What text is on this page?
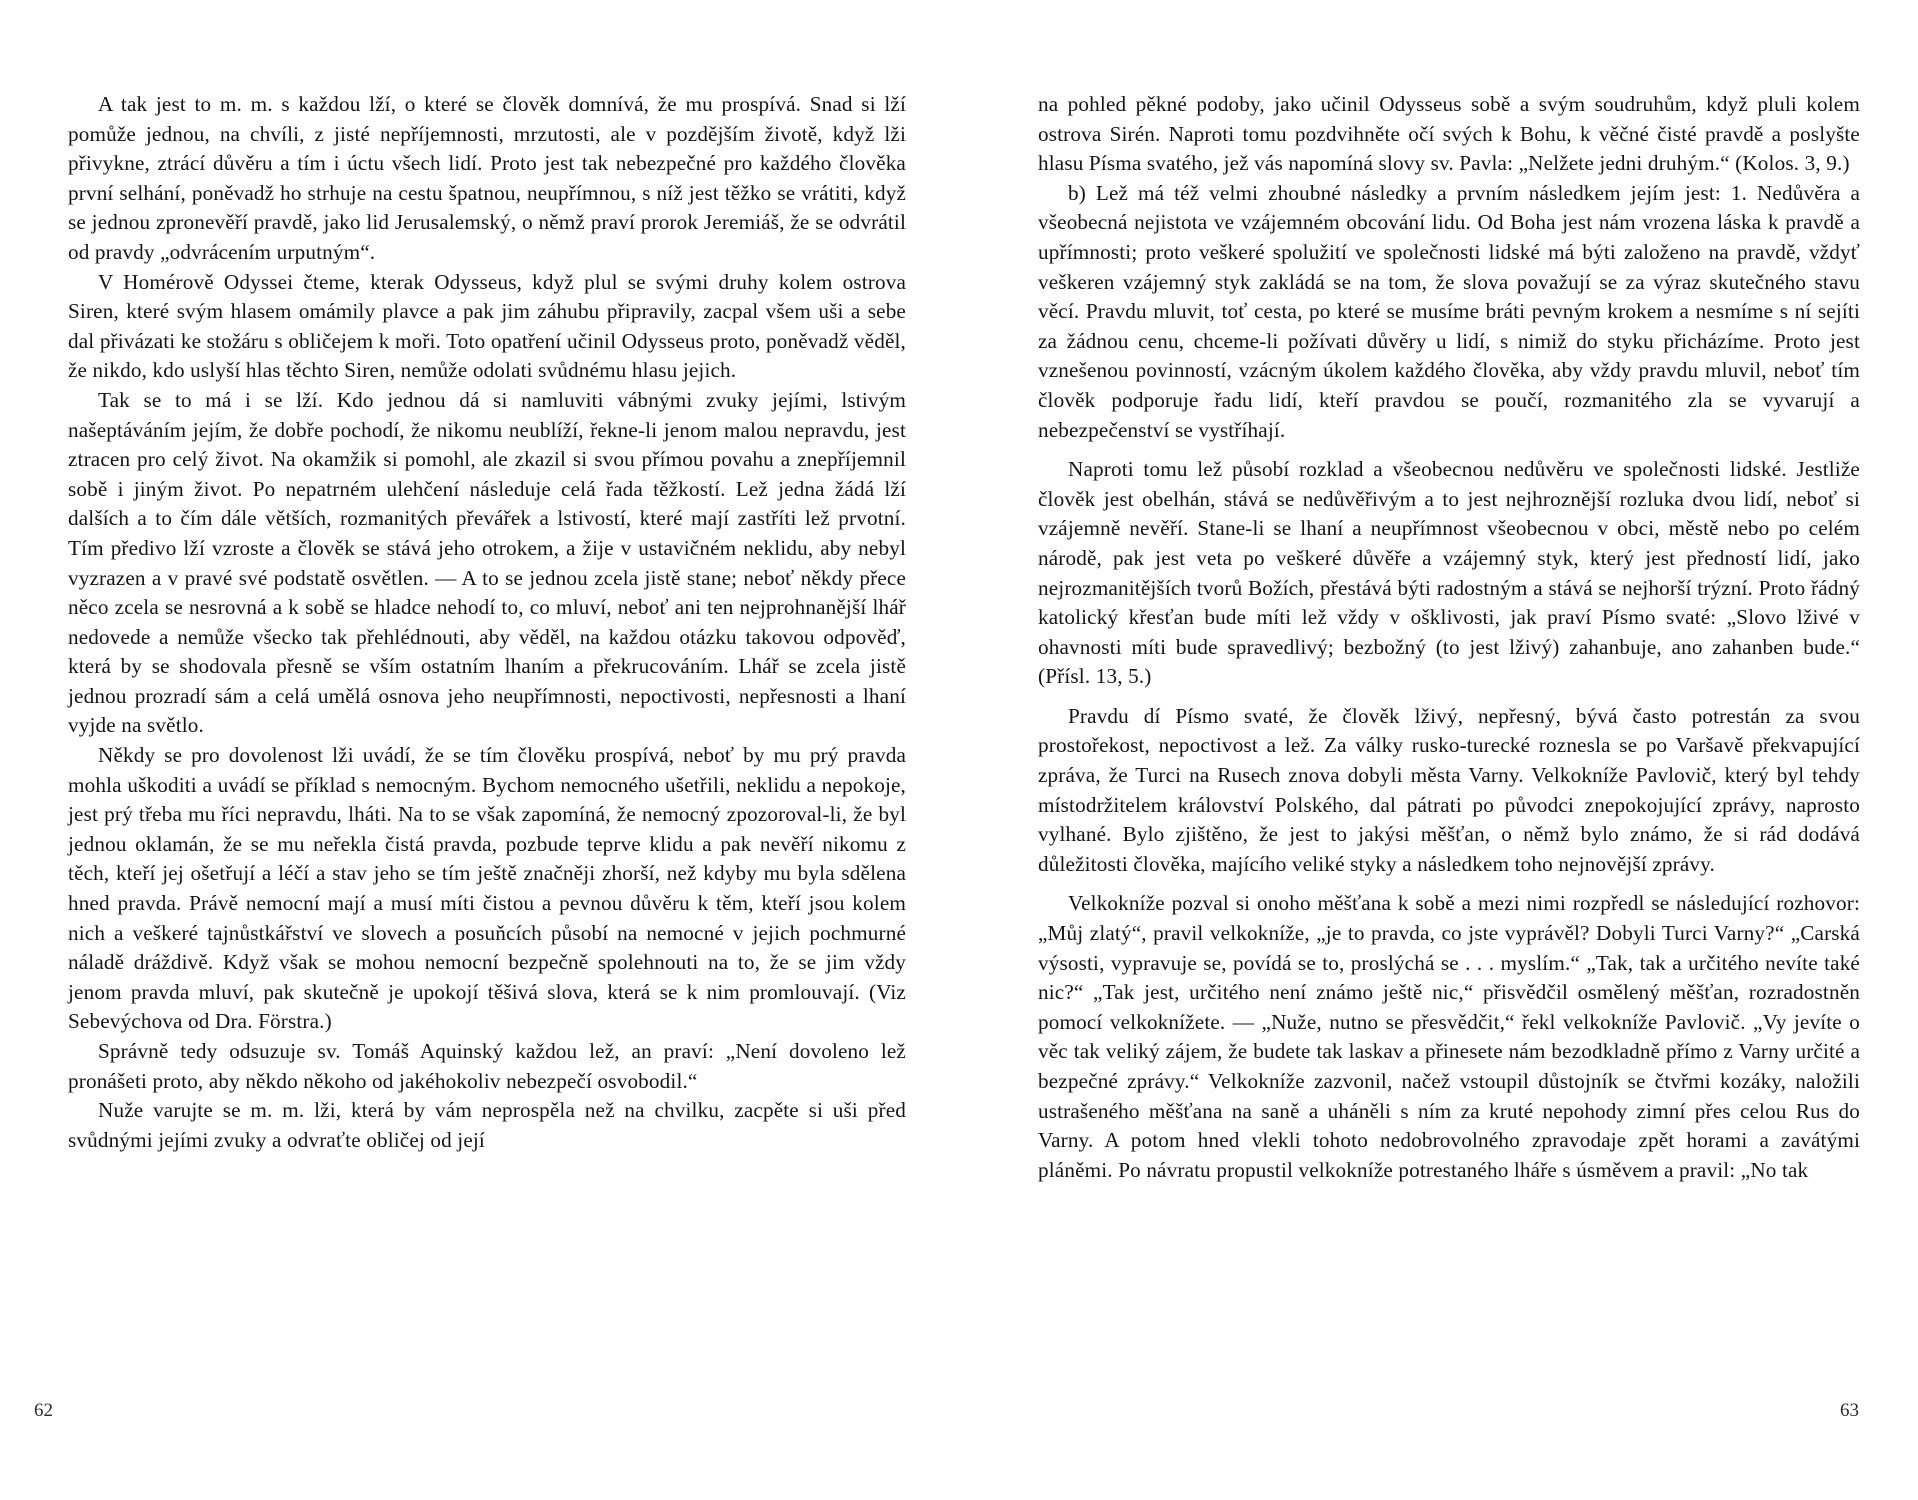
A tak jest to m. m. s každou lží, o které se člověk domnívá, že mu prospívá. Snad si lží pomůže jednou, na chvíli, z jisté nepříjemnosti, mrzutosti, ale v pozdějším životě, když lži přivykne, ztrácí důvěru a tím i úctu všech lidí. Proto jest tak nebezpečné pro každého člověka první selhání, poněvadž ho strhuje na cestu špatnou, neupřímnou, s níž jest těžko se vrátiti, když se jednou zpronevěří pravdě, jako lid Jerusalemský, o němž praví prorok Jeremiáš, že se odvrátil od pravdy „odvrácením urputným“.

V Homérově Odyssei čteme, kterak Odysseus, když plul se svými druhy kolem ostrova Siren, které svým hlasem omámily plavce a pak jim záhubu připravily, zacpal všem uši a sebe dal přivázati ke stožáru s obličejem k moři. Toto opatření učinil Odysseus proto, poněvadž věděl, že nikdo, kdo uslyší hlas těchto Siren, nemůže odolati svůdnému hlasu jejich.

Tak se to má i se lží. Kdo jednou dá si namluviti vábnými zvuky jejími, lstivým našeptáváním jejím, že dobře pochodí, že nikomu neublíží, řekne-li jenom malou nepravdu, jest ztracen pro celý život. Na okamžik si pomohl, ale zkazil si svou přímou povahu a znepříjemnil sobě i jiným život. Po nepatrném ulehčení následuje celá řada těžkostí. Lež jedna žádá lží dalších a to čím dále větších, rozmanitých převářek a lstivostí, které mají zastříti lež prvotní. Tím předivo lží vzroste a člověk se stává jeho otrokem, a žije v ustavičném neklidu, aby nebyl vyzrazen a v pravé své podstatě osvětlen. — A to se jednou zcela jistě stane; neboť někdy přece něco zcela se nesrovná a k sobě se hladce nehodí to, co mluví, neboť ani ten nejprohnanější lhář nedovede a nemůže všecko tak přehlédnouti, aby věděl, na každou otázku takovou odpověď, která by se shodovala přesně se vším ostatním lhaním a překrucováním. Lhář se zcela jistě jednou prozradí sám a celá umělá osnova jeho neupřímnosti, nepoctivosti, nepřesnosti a lhaní vyjde na světlo.

Někdy se pro dovolenost lži uvádí, že se tím člověku prospívá, neboť by mu prý pravda mohla uškoditi a uvádí se příklad s nemocným. Bychom nemocného ušetřili, neklidu a nepokoje, jest prý třeba mu říci nepravdu, lháti. Na to se však zapomíná, že nemocný zpozoroval-li, že byl jednou oklamán, že se mu neřekla čistá pravda, pozbude teprve klidu a pak nevěří nikomu z těch, kteří jej ošetřují a léčí a stav jeho se tím ještě značněji zhorší, než kdyby mu byla sdělena hned pravda. Právě nemocní mají a musí míti čistou a pevnou důvěru k těm, kteří jsou kolem nich a veškeré tajnůstkářství ve slovech a posuňcích působí na nemocné v jejich pochmurné náladě dráždivě. Když však se mohou nemocní bezpečně spolehnouti na to, že se jim vždy jenom pravda mluví, pak skutečně je upokojí těšivá slova, která se k nim promlouvají. (Viz Sebevýchova od Dra. Förstra.)

Správně tedy odsuzuje sv. Tomáš Aquinský každou lež, an praví: „Není dovoleno lež pronášeti proto, aby někdo někoho od jakéhokoliv nebezpečí osvobodil.“

Nuže varujte se m. m. lži, která by vám neprospěla než na chvilku, zacpěte si uši před svůdnými jejími zvuky a odvraťte obličej od její

62

na pohled pěkné podoby, jako učinil Odysseus sobě a svým soudruhům, když pluli kolem ostrova Sirén. Naproti tomu pozdvihněte očí svých k Bohu, k věčné čisté pravdě a poslyšte hlasu Písma svatého, jež vás napomíná slovy sv. Pavla: „Nelžete jedni druhým.“ (Kolos. 3, 9.)

b) Lež má též velmi zhoubné následky a prvním následkem jejím jest: 1. Nedůvěra a všeobecná nejistota ve vzájemném obcování lidu. Od Boha jest nám vrozena láska k pravdě a upřímnosti; proto veškeré spolužití ve společnosti lidské má býti založeno na pravdě, vždyť veškeren vzájemný styk zakládá se na tom, že slova považují se za výraz skutečného stavu věcí. Pravdu mluvit, toť cesta, po které se musíme bráti pevným krokem a nesmíme s ní sejíti za žádnou cenu, chceme-li požívati důvěry u lidí, s nimiž do styku přicházíme. Proto jest vznešenou povinností, vzácným úkolem každého člověka, aby vždy pravdu mluvil, neboť tím člověk podporuje řadu lidí, kteří pravdou se poučí, rozmanitého zla se vyvarují a nebezpečenství se vystříhají.

Naproti tomu lež působí rozklad a všeobecnou nedůvěru ve společnosti lidské. Jestliže člověk jest obelhán, stává se nedůvěřivým a to jest nejhroznější rozluka dvou lidí, neboť si vzájemně nevěří. Stane-li se lhaní a neupřímnost všeobecnou v obci, městě nebo po celém národě, pak jest veta po veškeré důvěře a vzájemný styk, který jest předností lidí, jako nejrozmanitějších tvorů Božích, přestává býti radostným a stává se nejhorší trýzní. Proto řádný katolický křesťan bude míti lež vždy v ošklivosti, jak praví Písmo svaté: „Slovo lživé v ohavnosti míti bude spravedlivý; bezbožný (to jest lživý) zahanbuje, ano zahanben bude.“ (Přísl. 13, 5.)

Pravdu dí Písmo svaté, že člověk lživý, nepřesný, bývá často potrestán za svou prostořekost, nepoctivost a lež. Za války rusko-turecké roznesla se po Varšavě překvapující zpráva, že Turci na Rusech znova dobyli města Varny. Velkokníže Pavlovič, který byl tehdy místodržitelem království Polského, dal pátrati po původci znepokojující zprávy, naprosto vylhané. Bylo zjištěno, že jest to jakýsi měšťan, o němž bylo známo, že si rád dodává důležitosti člověka, majícího veliké styky a následkem toho nejnovější zprávy.

Velkokníže pozval si onoho měšťana k sobě a mezi nimi rozpředl se následující rozhovor: „Můj zlatý“, pravil velkokníže, „je to pravda, co jste vyprávěl? Dobyli Turci Varny?“ „Carská výsosti, vypravuje se, povídá se to, proslýchá se . . . myslím.“ „Tak, tak a určitého nevíte také nic?“ „Tak jest, určitého není známo ještě nic,“ přisvědčil osmělený měšťan, rozradostněn pomocí velkoknížete. — „Nuže, nutno se přesvědčit,“ řekl velkokníže Pavlovič. „Vy jevíte o věc tak veliký zájem, že budete tak laskav a přinesete nám bezodkladně přímo z Varny určité a bezpečné zprávy.“ Velkokníže zazvonil, načež vstoupil důstojník se čtvřmi kozáky, naložili ustrašeného měšťana na saně a uháněli s ním za kruté nepohody zimní přes celou Rus do Varny. A potom hned vlekli tohoto nedobrovolného zpravodaje zpět horami a zavátými pláněmi. Po návratu propustil velkokníže potrestaného lháře s úsměvem a pravil: „No tak

63
